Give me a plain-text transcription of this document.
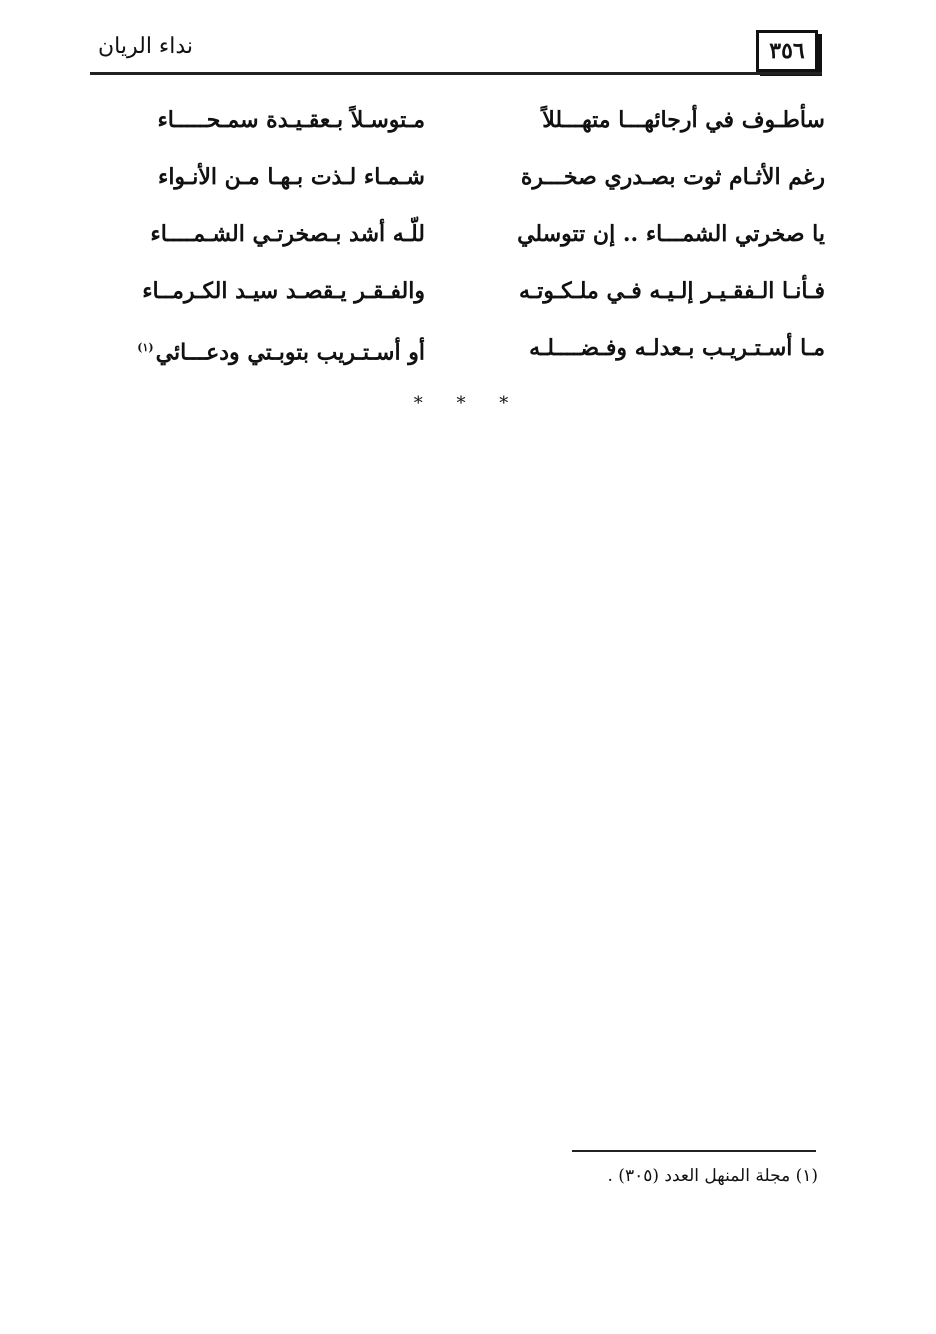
نداء الريان	٣٥٦
سأطـوف في أرجائهـــا متهـــللاً
مـتوسـلاً بـعقـيـدة سمـحـــــاء
رغم الأثـام ثوت بصـدري صخـــرة
شـمـاء لـذت بـهـا مـن الأنـواء
يا صخرتي الشمـــاء .. إن تتوسلي
للّـه أشد بـصخرتـي الشـمــــاء
فـأنـا الـفقـيـر إلـيـه فـي ملـكـوتـه
والفـقـر يـقصـد سيـد الكـرمــاء
مـا أسـتـريـب بـعدلـه وفـضــــلـه
أو أسـتـريب بتوبـتي ودعـــائي$^{(١)}$
* * *
(١) مجلة المنهل العدد (٣٠٥) .
